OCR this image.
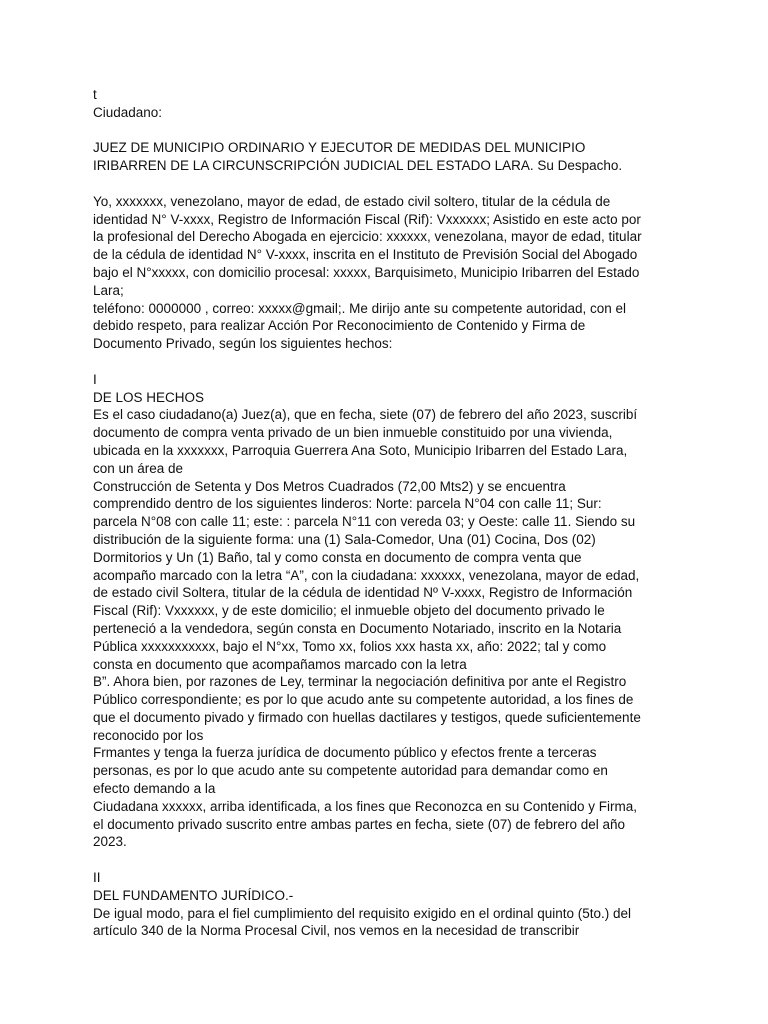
t
Ciudadano:
JUEZ DE MUNICIPIO ORDINARIO Y EJECUTOR DE MEDIDAS DEL MUNICIPIO
IRIBARREN DE LA CIRCUNSCRIPCIÓN JUDICIAL DEL ESTADO LARA. Su Despacho.
Yo, xxxxxxx, venezolano, mayor de edad, de estado civil soltero, titular de la cédula de
identidad N° V-xxxx, Registro de Información Fiscal (Rif): Vxxxxxx; Asistido en este acto por
la profesional del Derecho Abogada en ejercicio: xxxxxx, venezolana, mayor de edad, titular
de la cédula de identidad N° V-xxxx, inscrita en el Instituto de Previsión Social del Abogado
bajo el N°xxxxx, con domicilio procesal: xxxxx, Barquisimeto, Municipio Iribarren del Estado
Lara;
teléfono: 0000000 , correo: xxxxx@gmail;. Me dirijo ante su competente autoridad, con el
debido respeto, para realizar Acción Por Reconocimiento de Contenido y Firma de
Documento Privado, según los siguientes hechos:
I
DE LOS HECHOS
Es el caso ciudadano(a) Juez(a), que en fecha, siete (07) de febrero del año 2023, suscribí
documento de compra venta privado de un bien inmueble constituido por una vivienda,
ubicada en la xxxxxxx, Parroquia Guerrera Ana Soto, Municipio Iribarren del Estado Lara,
con un área de
Construcción de Setenta y Dos Metros Cuadrados (72,00 Mts2) y se encuentra
comprendido dentro de los siguientes linderos: Norte: parcela N°04 con calle 11; Sur:
parcela N°08 con calle 11; este: : parcela N°11 con vereda 03; y Oeste: calle 11. Siendo su
distribución de la siguiente forma: una (1) Sala-Comedor, Una (01) Cocina, Dos (02)
Dormitorios y Un (1) Baño, tal y como consta en documento de compra venta que
acompaño marcado con la letra “A”, con la ciudadana: xxxxxx, venezolana, mayor de edad,
de estado civil Soltera, titular de la cédula de identidad Nº V-xxxx, Registro de Información
Fiscal (Rif): Vxxxxxx, y de este domicilio; el inmueble objeto del documento privado le
perteneció a la vendedora, según consta en Documento Notariado, inscrito en la Notaria
Pública xxxxxxxxxxx, bajo el N°xx, Tomo xx, folios xxx hasta xx, año: 2022; tal y como
consta en documento que acompañamos marcado con la letra
B”. Ahora bien, por razones de Ley, terminar la negociación definitiva por ante el Registro
Público correspondiente; es por lo que acudo ante su competente autoridad, a los fines de
que el documento pivado y firmado con huellas dactilares y testigos, quede suficientemente
reconocido por los
Frmantes y tenga la fuerza jurídica de documento público y efectos frente a terceras
personas, es por lo que acudo ante su competente autoridad para demandar como en
efecto demando a la
Ciudadana xxxxxx, arriba identificada, a los fines que Reconozca en su Contenido y Firma,
el documento privado suscrito entre ambas partes en fecha, siete (07) de febrero del año
2023.
II
DEL FUNDAMENTO JURÍDICO.-
De igual modo, para el fiel cumplimiento del requisito exigido en el ordinal quinto (5to.) del
artículo 340 de la Norma Procesal Civil, nos vemos en la necesidad de transcribir
